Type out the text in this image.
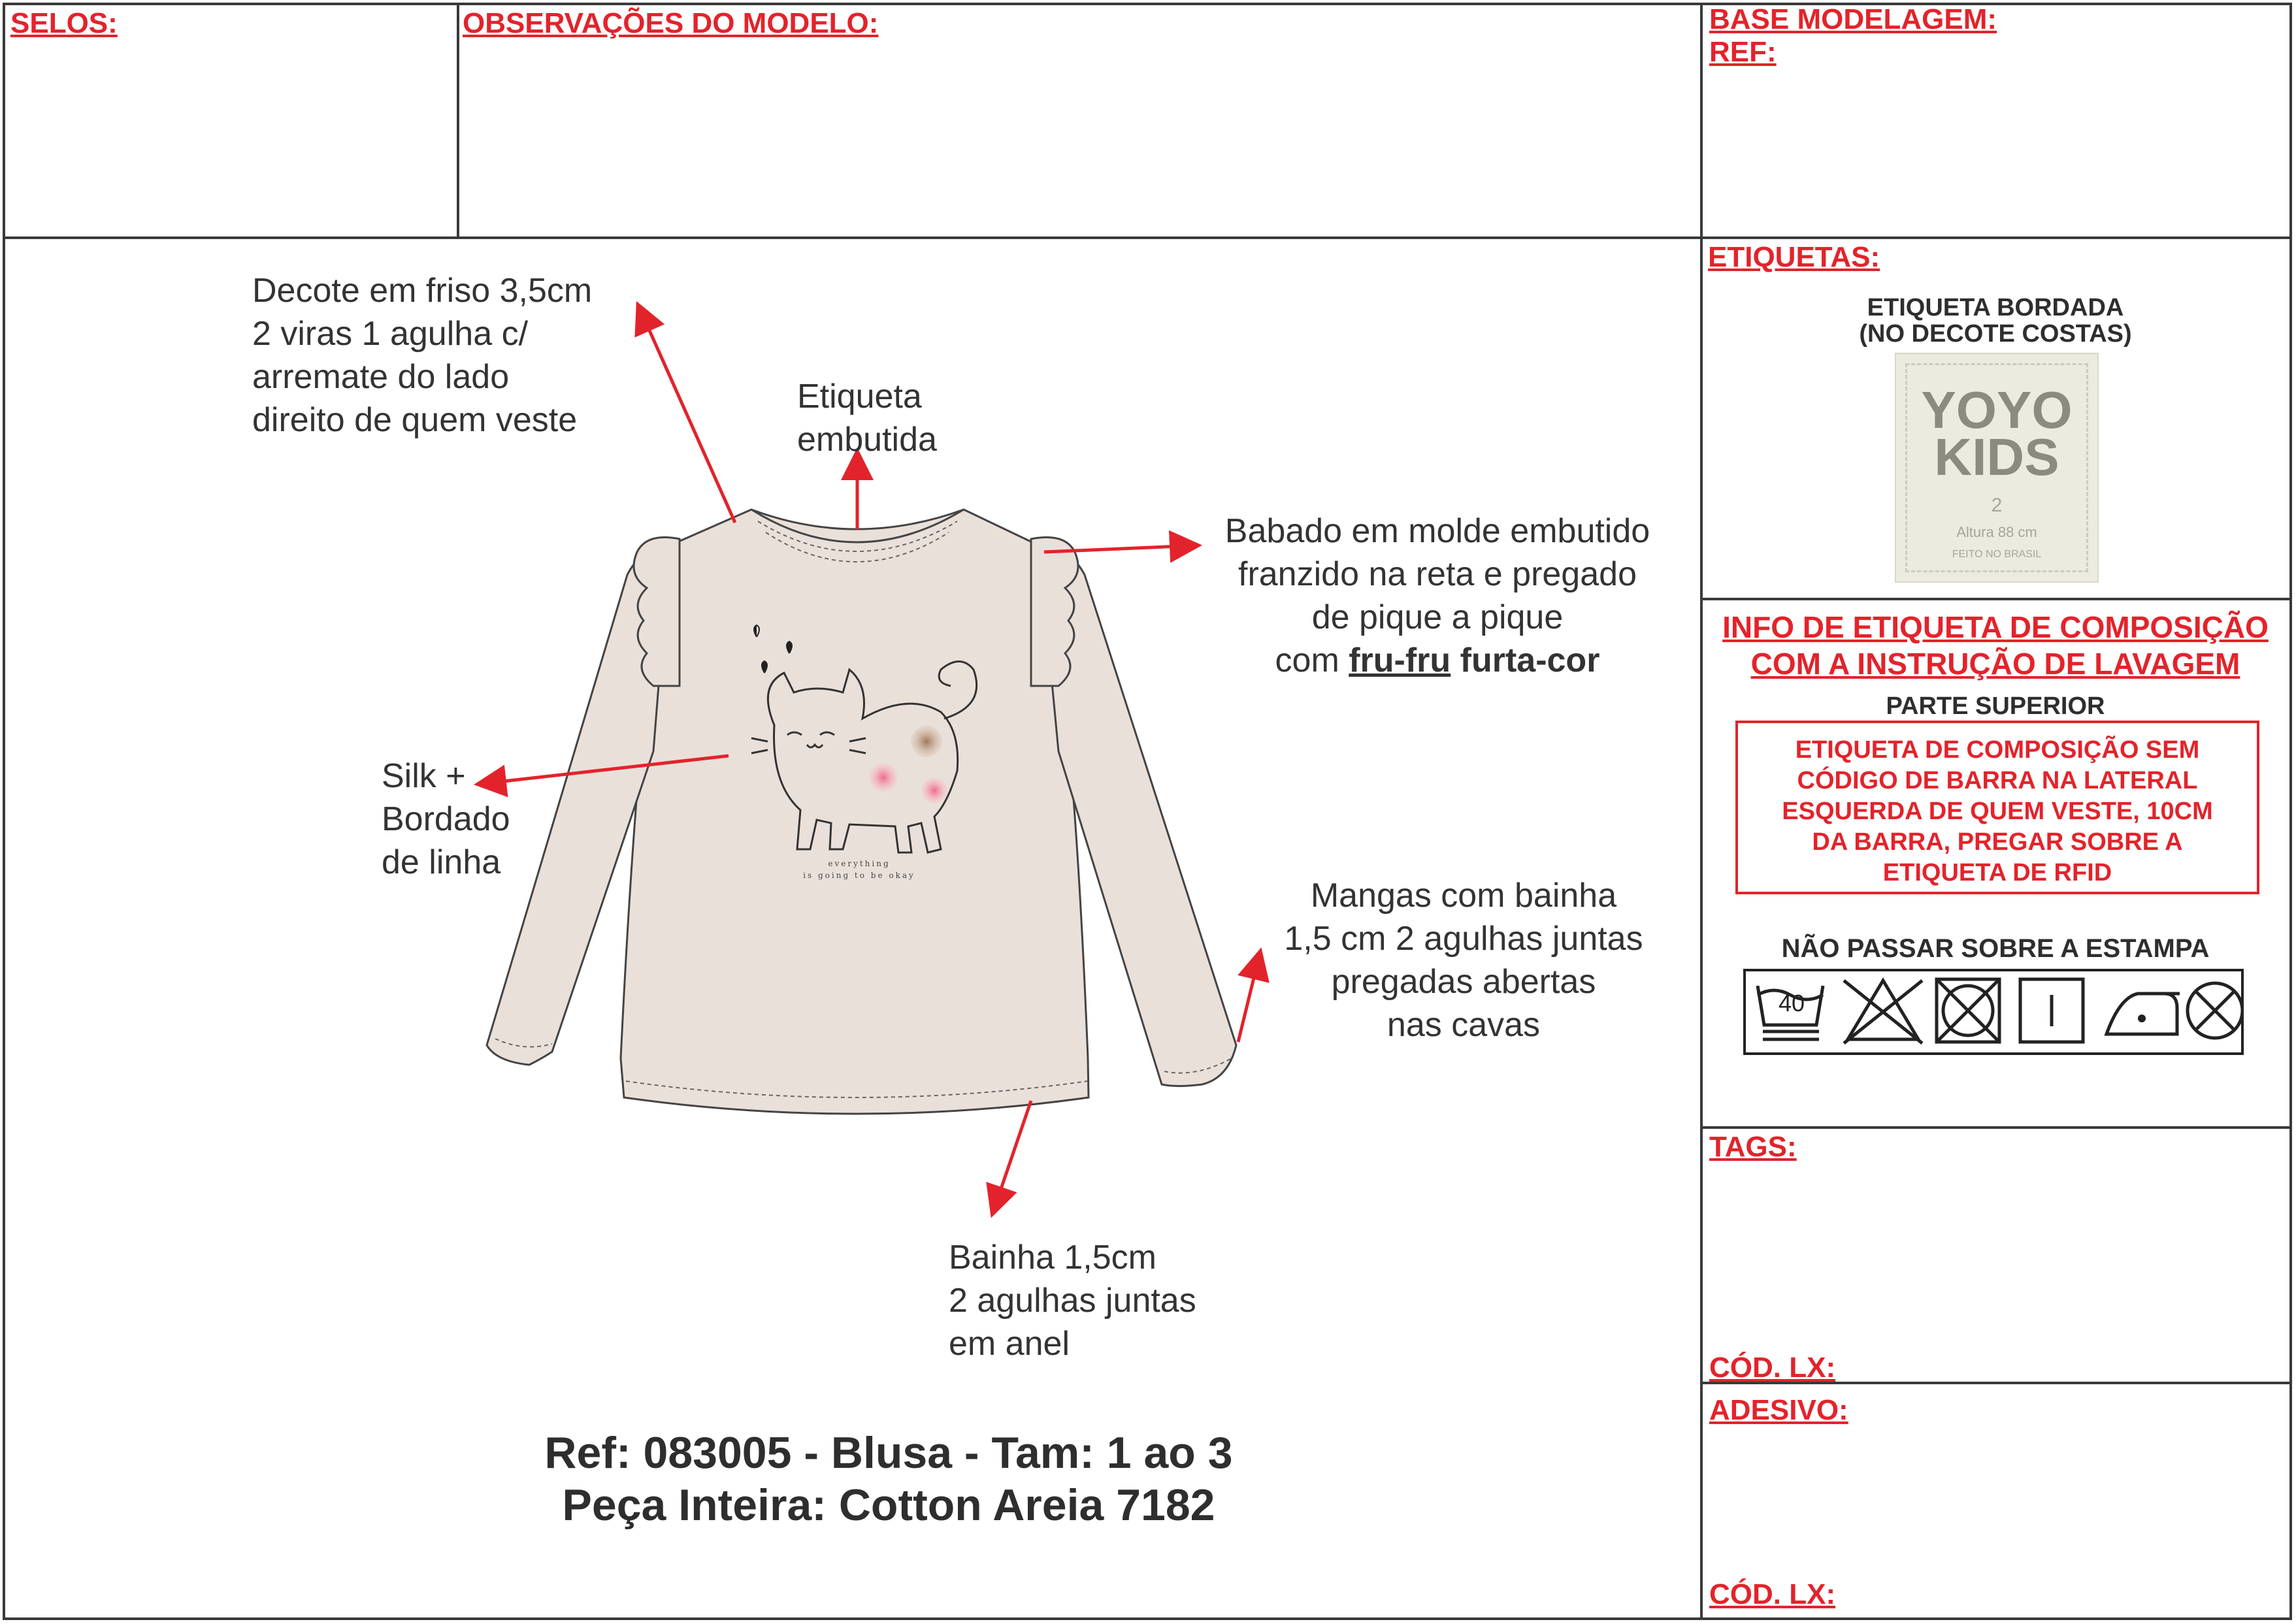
SELOS:	OBSERVAÇÕES DO MODELO:	BASE MODELAGEM:
REF:
everything
is going to be okay
Decote em friso 3,5cm
2 viras 1 agulha c/
arremate do lado
direito de quem veste
Etiqueta
embutida
Babado em molde embutido
franzido na reta e pregado
de pique a pique
com fru-fru furta-cor
Silk +
Bordado
de linha
Mangas com bainha
1,5 cm 2 agulhas juntas
pregadas abertas
nas cavas
Bainha 1,5cm
2 agulhas juntas
em anel
Ref: 083005 - Blusa - Tam: 1 ao 3
Peça Inteira: Cotton Areia 7182
ETIQUETAS:
ETIQUETA BORDADA
(NO DECOTE COSTAS)
YOYO
KIDS
2
Altura 88 cm
FEITO NO BRASIL
INFO DE ETIQUETA DE COMPOSIÇÃO
COM A INSTRUÇÃO DE LAVAGEM
PARTE SUPERIOR
ETIQUETA DE COMPOSIÇÃO SEM
CÓDIGO DE BARRA NA LATERAL
ESQUERDA DE QUEM VESTE, 10CM
DA BARRA, PREGAR SOBRE A
ETIQUETA DE RFID
NÃO PASSAR SOBRE A ESTAMPA
40
TAGS:
CÓD. LX:
ADESIVO:
CÓD. LX:
